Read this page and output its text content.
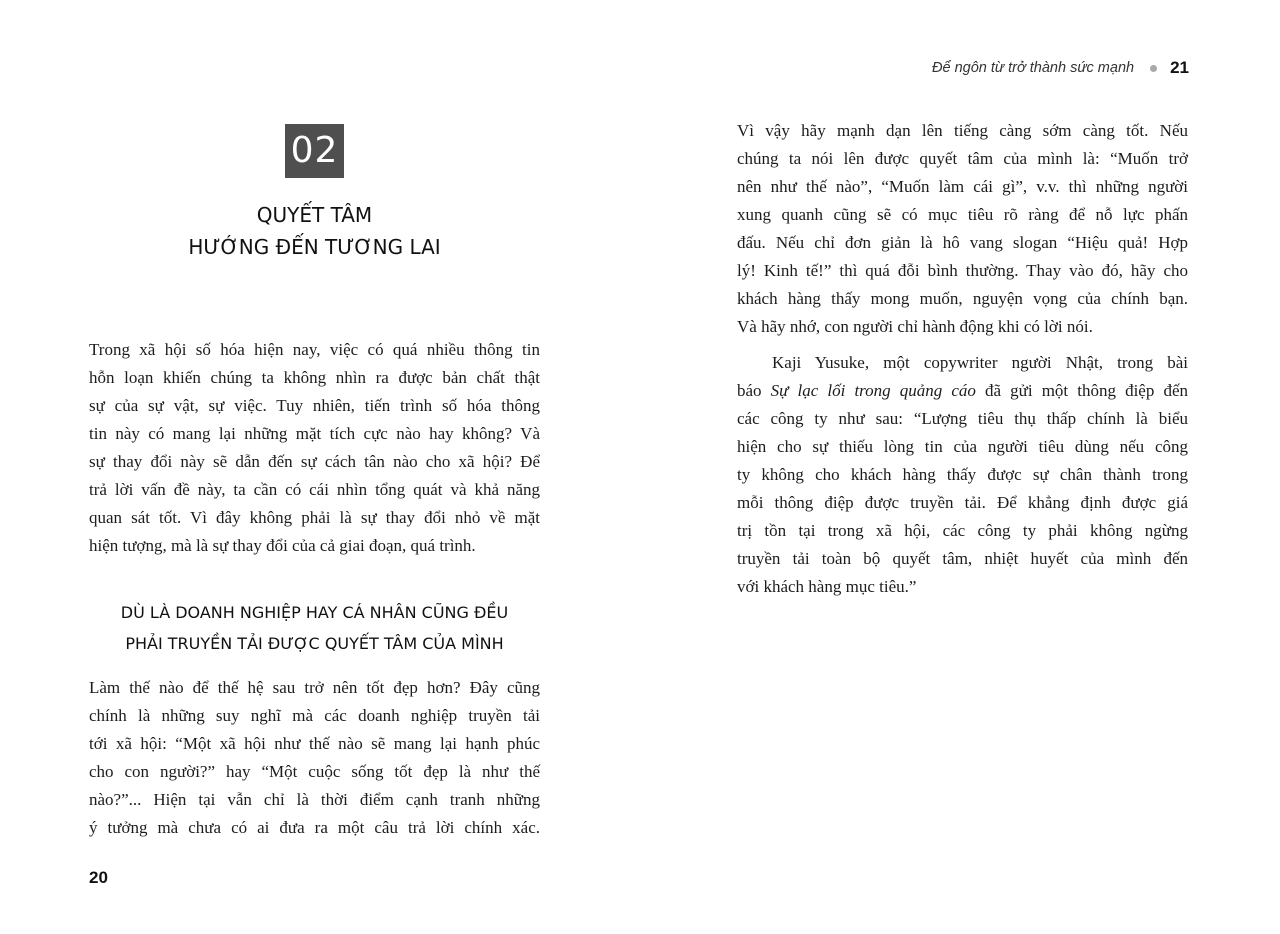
02
QUYẾT TÂM
HƯỚNG ĐẾN TƯƠNG LAI
Trong xã hội số hóa hiện nay, việc có quá nhiều thông tin
hỗn loạn khiến chúng ta không nhìn ra được bản chất thật
sự của sự vật, sự việc. Tuy nhiên, tiến trình số hóa thông
tin này có mang lại những mặt tích cực nào hay không? Và
sự thay đổi này sẽ dẫn đến sự cách tân nào cho xã hội? Để
trả lời vấn đề này, ta cần có cái nhìn tổng quát và khả năng
quan sát tốt. Vì đây không phải là sự thay đổi nhỏ về mặt
hiện tượng, mà là sự thay đổi của cả giai đoạn, quá trình.
DÙ LÀ DOANH NGHIỆP HAY CÁ NHÂN CŨNG ĐỀU
PHẢI TRUYỀN TẢI ĐƯỢC QUYẾT TÂM CỦA MÌNH
Làm thế nào để thế hệ sau trở nên tốt đẹp hơn? Đây cũng
chính là những suy nghĩ mà các doanh nghiệp truyền tải
tới xã hội: “Một xã hội như thế nào sẽ mang lại hạnh phúc
cho con người?” hay “Một cuộc sống tốt đẹp là như thế
nào?”... Hiện tại vẫn chỉ là thời điểm cạnh tranh những
ý tưởng mà chưa có ai đưa ra một câu trả lời chính xác.
20
Để ngôn từ trở thành sức mạnh 21
Vì vậy hãy mạnh dạn lên tiếng càng sớm càng tốt. Nếu
chúng ta nói lên được quyết tâm của mình là: “Muốn trở
nên như thế nào”, “Muốn làm cái gì”, v.v. thì những người
xung quanh cũng sẽ có mục tiêu rõ ràng để nỗ lực phấn
đấu. Nếu chỉ đơn giản là hô vang slogan “Hiệu quả! Hợp
lý! Kinh tế!” thì quá đỗi bình thường. Thay vào đó, hãy cho
khách hàng thấy mong muốn, nguyện vọng của chính bạn.
Và hãy nhớ, con người chỉ hành động khi có lời nói.
Kaji Yusuke, một copywriter người Nhật, trong bài
báo Sự lạc lối trong quảng cáo đã gửi một thông điệp đến
các công ty như sau: “Lượng tiêu thụ thấp chính là biểu
hiện cho sự thiếu lòng tin của người tiêu dùng nếu công
ty không cho khách hàng thấy được sự chân thành trong
mỗi thông điệp được truyền tải. Để khẳng định được giá
trị tồn tại trong xã hội, các công ty phải không ngừng
truyền tải toàn bộ quyết tâm, nhiệt huyết của mình đến
với khách hàng mục tiêu.”
